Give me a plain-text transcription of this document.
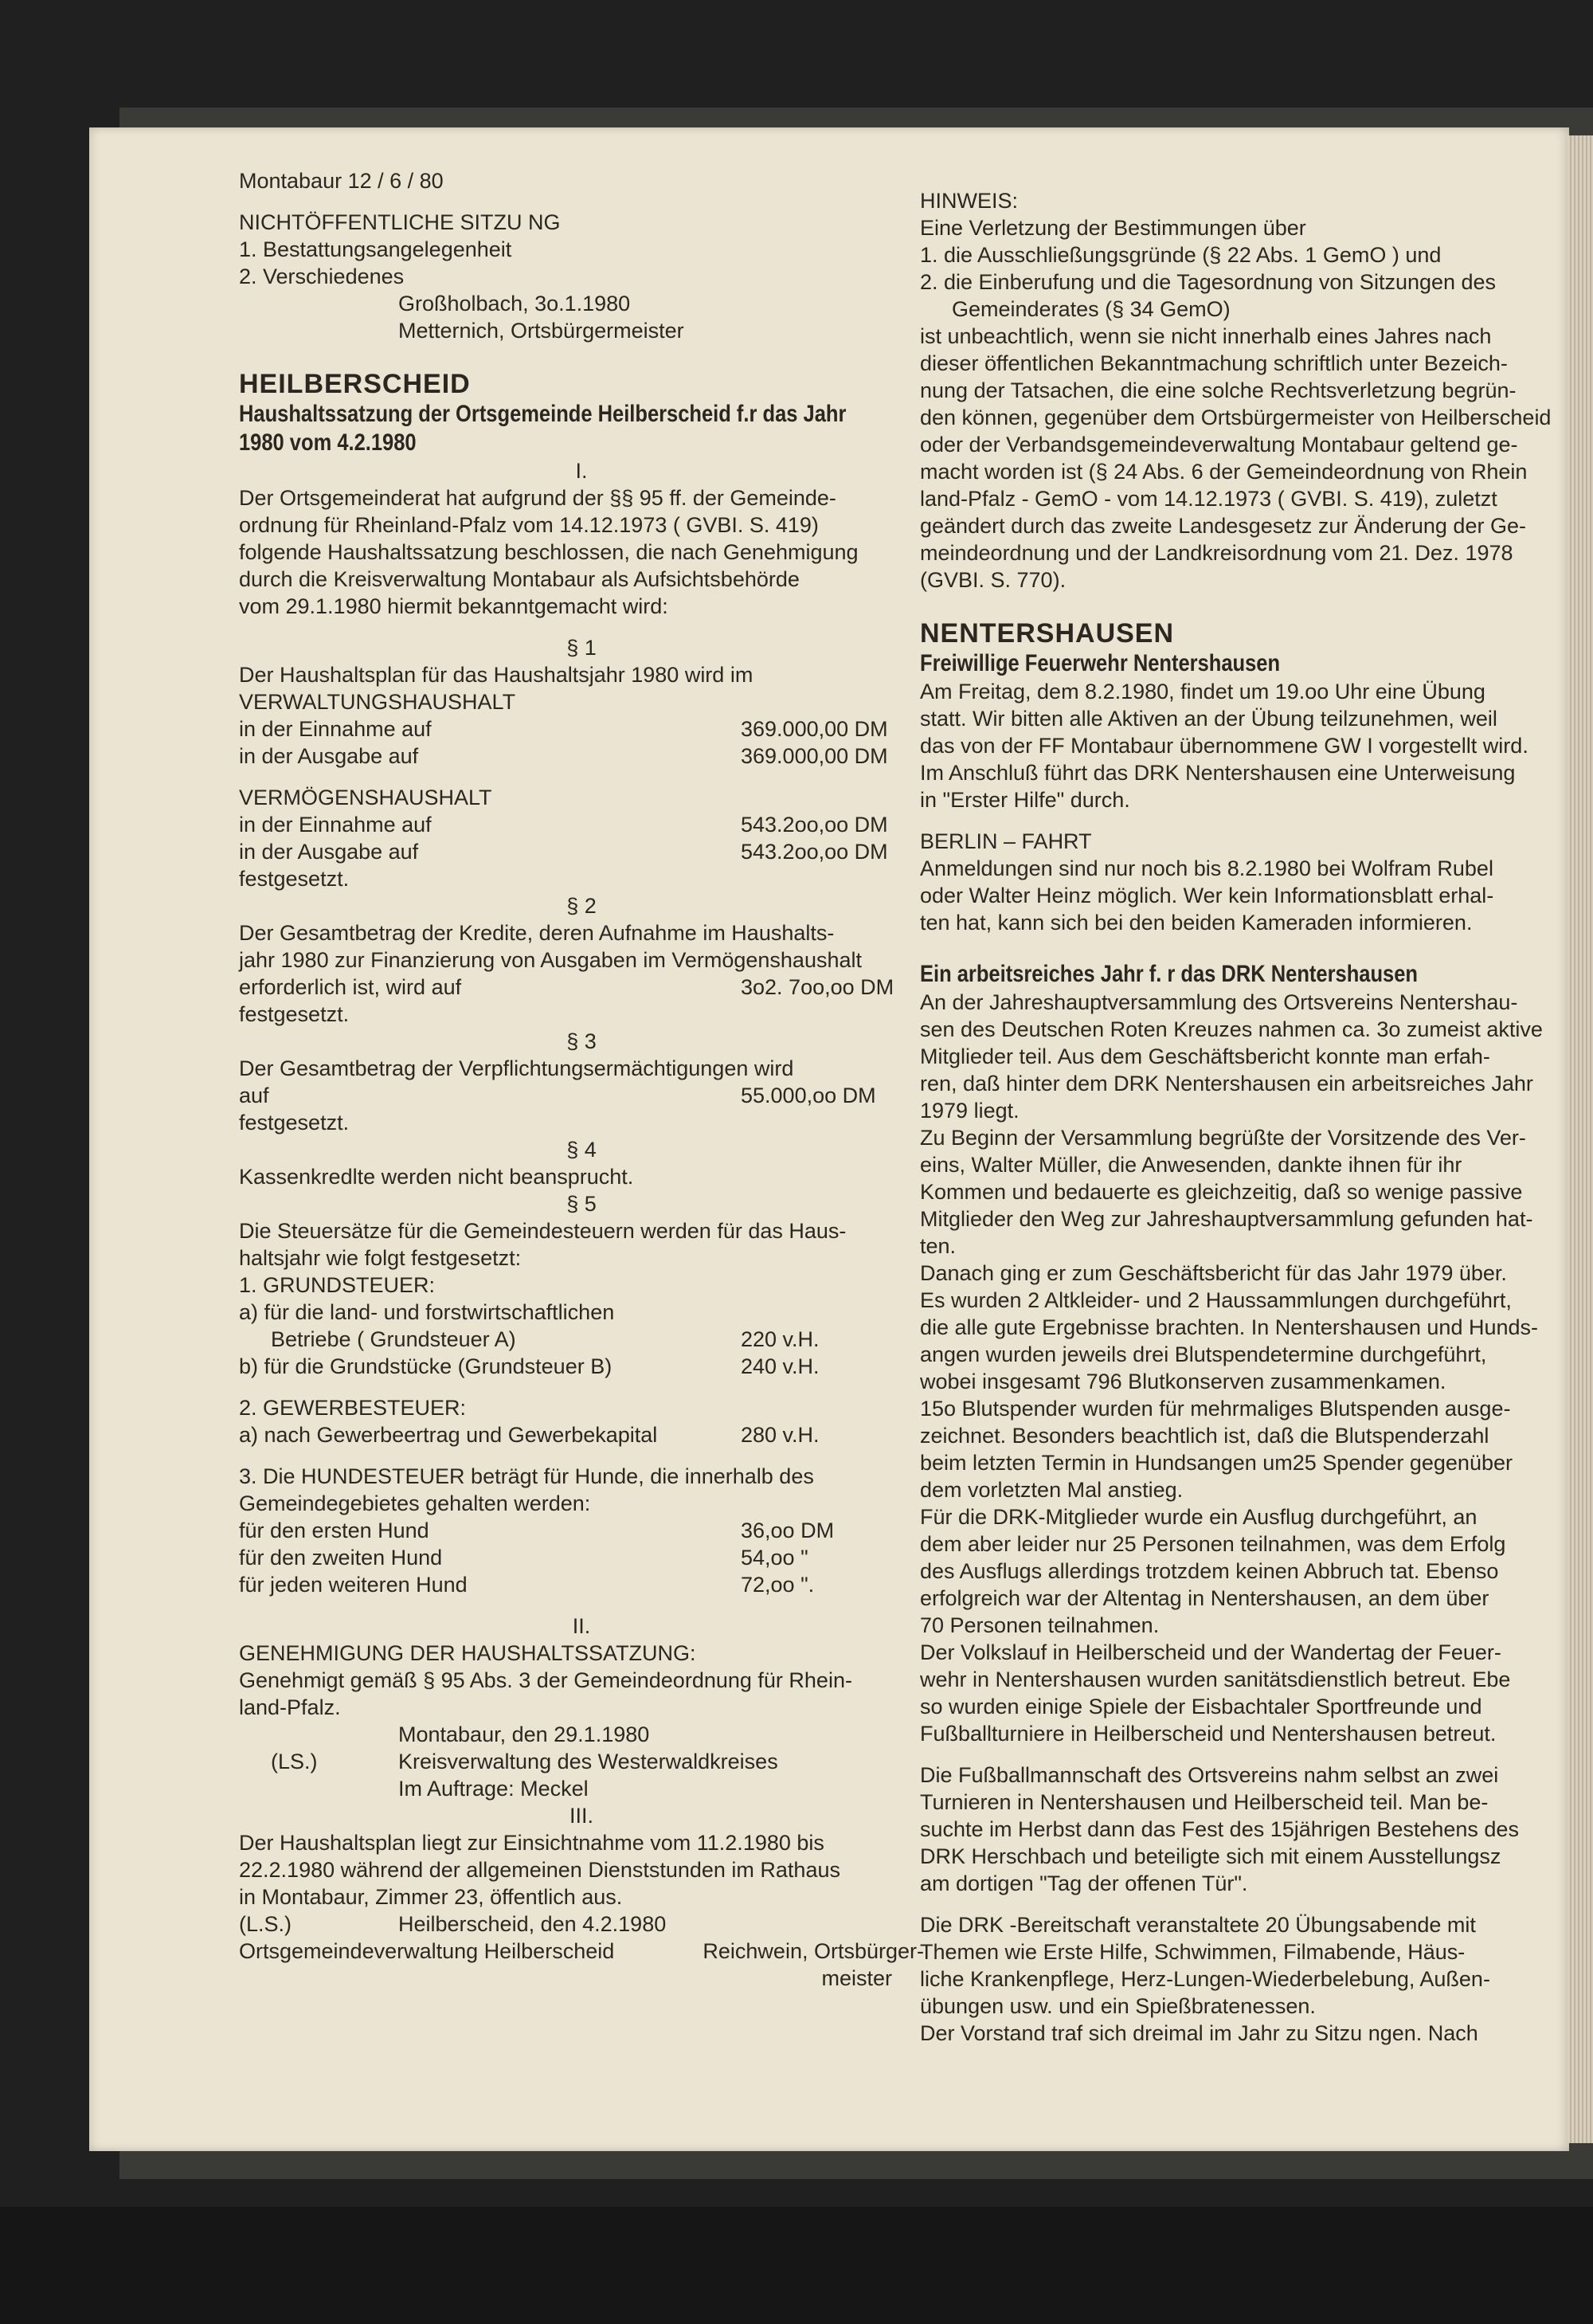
Montabaur 12 / 6 / 80
NICHTÖFFENTLICHE SITZU NG
1. Bestattungsangelegenheit
2. Verschiedenes
Großholbach, 3o.1.1980
Metternich, Ortsbürgermeister
HEILBERSCHEID
Haushaltssatzung der Ortsgemeinde Heilberscheid f.r das Jahr
1980 vom 4.2.1980
I.
Der Ortsgemeinderat hat aufgrund der §§ 95 ff. der Gemeinde-
ordnung für Rheinland-Pfalz vom 14.12.1973 ( GVBI. S. 419)
folgende Haushaltssatzung beschlossen, die nach Genehmigung
durch die Kreisverwaltung Montabaur als Aufsichtsbehörde
vom 29.1.1980 hiermit bekanntgemacht wird:
§ 1
Der Haushaltsplan für das Haushaltsjahr 1980 wird im
VERWALTUNGSHAUSHALT
in der Einnahme auf	369.000,00 DM
in der Ausgabe auf	369.000,00 DM
VERMÖGENSHAUSHALT
in der Einnahme auf	543.2oo,oo DM
in der Ausgabe auf	543.2oo,oo DM
festgesetzt.
§ 2
Der Gesamtbetrag der Kredite, deren Aufnahme im Haushalts-
jahr 1980 zur Finanzierung von Ausgaben im Vermögenshaushalt
erforderlich ist, wird auf	3o2. 7oo,oo DM
festgesetzt.
§ 3
Der Gesamtbetrag der Verpflichtungsermächtigungen wird
auf	55.000,oo DM
festgesetzt.
§ 4
Kassenkredlte werden nicht beansprucht.
§ 5
Die Steuersätze für die Gemeindesteuern werden für das Haus-
haltsjahr wie folgt festgesetzt:
1. GRUNDSTEUER:
a) für die land- und forstwirtschaftlichen
Betriebe ( Grundsteuer A)	220 v.H.
b) für die Grundstücke (Grundsteuer B)	240 v.H.
2. GEWERBESTEUER:
a) nach Gewerbeertrag und Gewerbekapital	280 v.H.
3. Die HUNDESTEUER beträgt für Hunde, die innerhalb des
Gemeindegebietes gehalten werden:
für den ersten Hund	36,oo DM
für den zweiten Hund	54,oo "
für jeden weiteren Hund	72,oo ".
II.
GENEHMIGUNG DER HAUSHALTSSATZUNG:
Genehmigt gemäß § 95 Abs. 3 der Gemeindeordnung für Rhein-
land-Pfalz.
Montabaur, den 29.1.1980
(LS.)	Kreisverwaltung des Westerwaldkreises
Im Auftrage: Meckel
III.
Der Haushaltsplan liegt zur Einsichtnahme vom 11.2.1980 bis
22.2.1980 während der allgemeinen Dienststunden im Rathaus
in Montabaur, Zimmer 23, öffentlich aus.
(L.S.)	Heilberscheid, den 4.2.1980
Ortsgemeindeverwaltung Heilberscheid	Reichwein, Ortsbürger-
meister
HINWEIS:
Eine Verletzung der Bestimmungen über
1. die Ausschließungsgründe (§ 22 Abs. 1 GemO ) und
2. die Einberufung und die Tagesordnung von Sitzungen des
Gemeinderates (§ 34 GemO)
ist unbeachtlich, wenn sie nicht innerhalb eines Jahres nach
dieser öffentlichen Bekanntmachung schriftlich unter Bezeich-
nung der Tatsachen, die eine solche Rechtsverletzung begrün-
den können, gegenüber dem Ortsbürgermeister von Heilberscheid
oder der Verbandsgemeindeverwaltung Montabaur geltend ge-
macht worden ist (§ 24 Abs. 6 der Gemeindeordnung von Rhein
land-Pfalz - GemO - vom 14.12.1973 ( GVBI. S. 419), zuletzt
geändert durch das zweite Landesgesetz zur Änderung der Ge-
meindeordnung und der Landkreisordnung vom 21. Dez. 1978
(GVBI. S. 770).
NENTERSHAUSEN
Freiwillige Feuerwehr Nentershausen
Am Freitag, dem 8.2.1980, findet um 19.oo Uhr eine Übung
statt. Wir bitten alle Aktiven an der Übung teilzunehmen, weil
das von der FF Montabaur übernommene GW I vorgestellt wird.
Im Anschluß führt das DRK Nentershausen eine Unterweisung
in "Erster Hilfe" durch.
BERLIN – FAHRT
Anmeldungen sind nur noch bis 8.2.1980 bei Wolfram Rubel
oder Walter Heinz möglich. Wer kein Informationsblatt erhal-
ten hat, kann sich bei den beiden Kameraden informieren.
Ein arbeitsreiches Jahr f. r das DRK Nentershausen
An der Jahreshauptversammlung des Ortsvereins Nentershau-
sen des Deutschen Roten Kreuzes nahmen ca. 3o zumeist aktive
Mitglieder teil. Aus dem Geschäftsbericht konnte man erfah-
ren, daß hinter dem DRK Nentershausen ein arbeitsreiches Jahr
1979 liegt.
Zu Beginn der Versammlung begrüßte der Vorsitzende des Ver-
eins, Walter Müller, die Anwesenden, dankte ihnen für ihr
Kommen und bedauerte es gleichzeitig, daß so wenige passive
Mitglieder den Weg zur Jahreshauptversammlung gefunden hat-
ten.
Danach ging er zum Geschäftsbericht für das Jahr 1979 über.
Es wurden 2 Altkleider- und 2 Haussammlungen durchgeführt,
die alle gute Ergebnisse brachten. In Nentershausen und Hunds-
angen wurden jeweils drei Blutspendetermine durchgeführt,
wobei insgesamt 796 Blutkonserven zusammenkamen.
15o Blutspender wurden für mehrmaliges Blutspenden ausge-
zeichnet. Besonders beachtlich ist, daß die Blutspenderzahl
beim letzten Termin in Hundsangen um25 Spender gegenüber
dem vorletzten Mal anstieg.
Für die DRK-Mitglieder wurde ein Ausflug durchgeführt, an
dem aber leider nur 25 Personen teilnahmen, was dem Erfolg
des Ausflugs allerdings trotzdem keinen Abbruch tat. Ebenso
erfolgreich war der Altentag in Nentershausen, an dem über
70 Personen teilnahmen.
Der Volkslauf in Heilberscheid und der Wandertag der Feuer-
wehr in Nentershausen wurden sanitätsdienstlich betreut. Ebe
so wurden einige Spiele der Eisbachtaler Sportfreunde und
Fußballturniere in Heilberscheid und Nentershausen betreut.
Die Fußballmannschaft des Ortsvereins nahm selbst an zwei
Turnieren in Nentershausen und Heilberscheid teil. Man be-
suchte im Herbst dann das Fest des 15jährigen Bestehens des
DRK Herschbach und beteiligte sich mit einem Ausstellungsz
am dortigen "Tag der offenen Tür".
Die DRK -Bereitschaft veranstaltete 20 Übungsabende mit
Themen wie Erste Hilfe, Schwimmen, Filmabende, Häus-
liche Krankenpflege, Herz-Lungen-Wiederbelebung, Außen-
übungen usw. und ein Spießbratenessen.
Der Vorstand traf sich dreimal im Jahr zu Sitzu ngen. Nach
